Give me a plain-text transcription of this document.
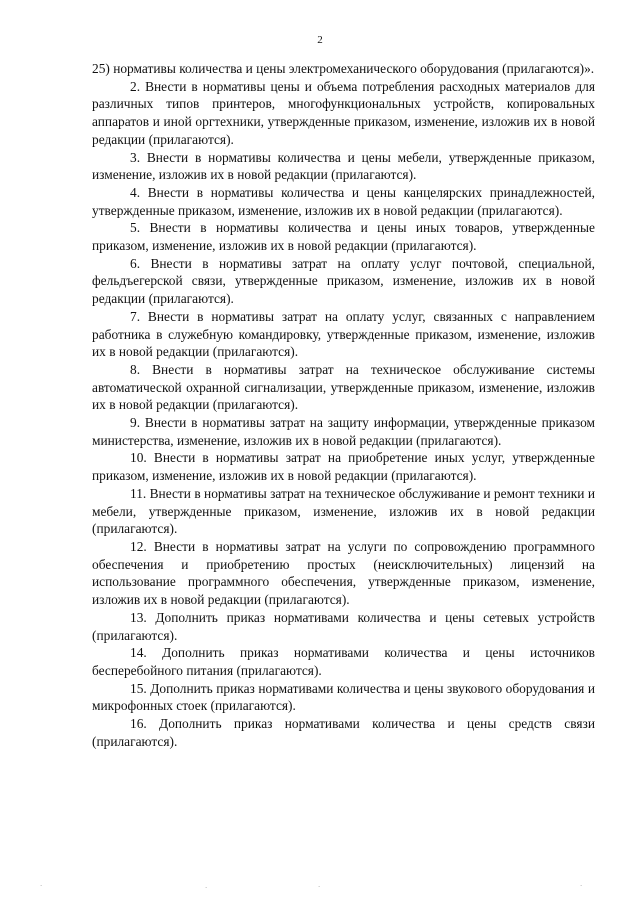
2

25) нормативы количества и цены электромеханического оборудования (прилагаются)».

2. Внести в нормативы цены и объема потребления расходных материалов для различных типов принтеров, многофункциональных устройств, копировальных аппаратов и иной оргтехники, утвержденные приказом, изменение, изложив их в новой редакции (прилагаются).

3. Внести в нормативы количества и цены мебели, утвержденные приказом, изменение, изложив их в новой редакции (прилагаются).

4. Внести в нормативы количества и цены канцелярских принадлежностей, утвержденные приказом, изменение, изложив их в новой редакции (прилагаются).

5. Внести в нормативы количества и цены иных товаров, утвержденные приказом, изменение, изложив их в новой редакции (прилагаются).

6. Внести в нормативы затрат на оплату услуг почтовой, специальной, фельдъегерской связи, утвержденные приказом, изменение, изложив их в новой редакции (прилагаются).

7. Внести в нормативы затрат на оплату услуг, связанных с направлением работника в служебную командировку, утвержденные приказом, изменение, изложив их в новой редакции (прилагаются).

8. Внести в нормативы затрат на техническое обслуживание системы автоматической охранной сигнализации, утвержденные приказом, изменение, изложив их в новой редакции (прилагаются).

9. Внести в нормативы затрат на защиту информации, утвержденные приказом министерства, изменение, изложив их в новой редакции (прилагаются).

10. Внести в нормативы затрат на приобретение иных услуг, утвержденные приказом, изменение, изложив их в новой редакции (прилагаются).

11. Внести в нормативы затрат на техническое обслуживание и ремонт техники и мебели, утвержденные приказом, изменение, изложив их в новой редакции (прилагаются).

12. Внести в нормативы затрат на услуги по сопровождению программного обеспечения и приобретению простых (неисключительных) лицензий на использование программного обеспечения, утвержденные приказом, изменение, изложив их в новой редакции (прилагаются).

13. Дополнить приказ нормативами количества и цены сетевых устройств (прилагаются).

14. Дополнить приказ нормативами количества и цены источников бесперебойного питания (прилагаются).

15. Дополнить приказ нормативами количества и цены звукового оборудования и микрофонных стоек (прилагаются).

16. Дополнить приказ нормативами количества и цены средств связи (прилагаются).

·	·	·	·
